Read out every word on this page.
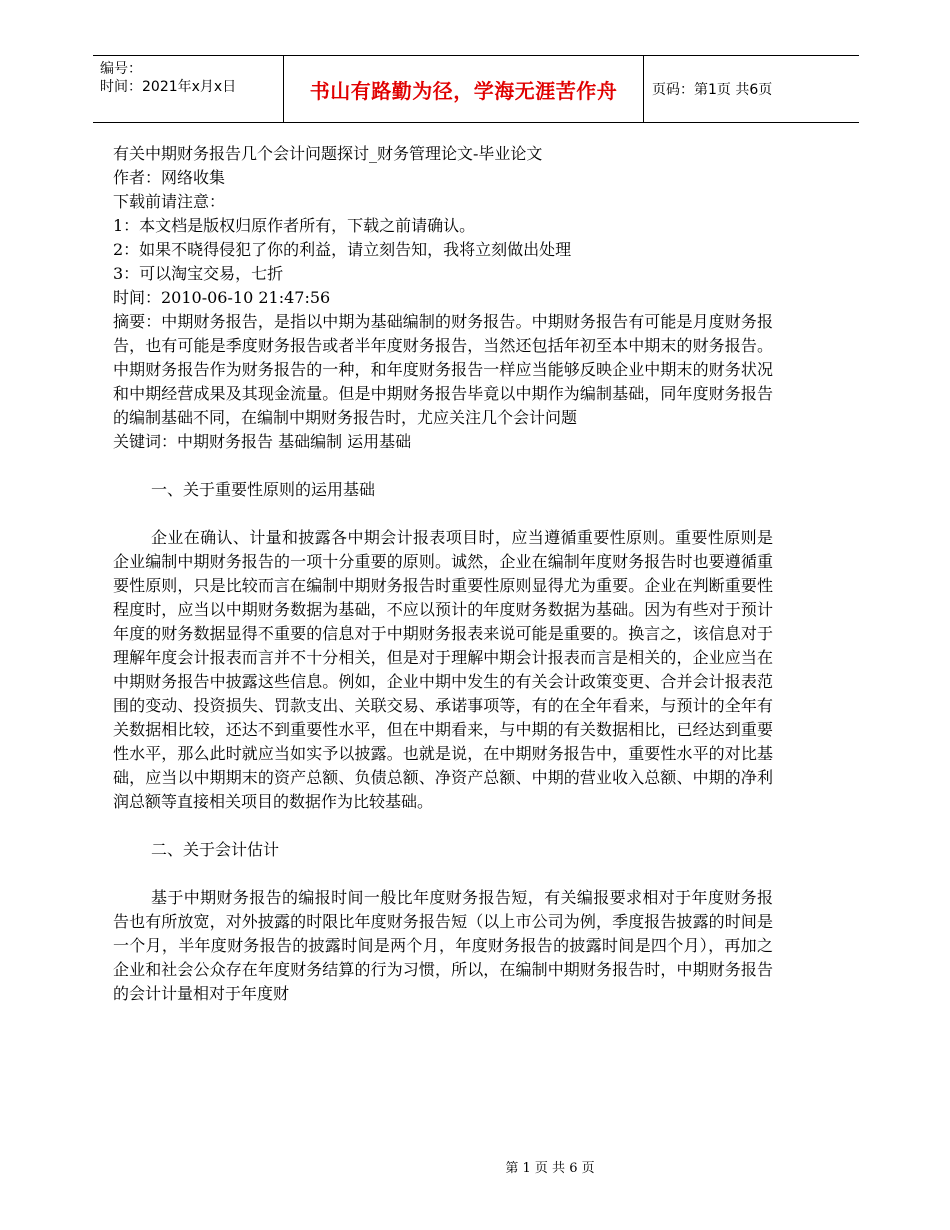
编号：
时间：2021年x月x日	书山有路勤为径，学海无涯苦作舟 页码：第1页 共6页

有关中期财务报告几个会计问题探讨_财务管理论文-毕业论文

作者：网络收集

下载前请注意：

1：本文档是版权归原作者所有，下载之前请确认。

2：如果不晓得侵犯了你的利益，请立刻告知，我将立刻做出处理

3：可以淘宝交易，七折

时间：2010-06-10 21:47:56

摘要：中期财务报告，是指以中期为基础编制的财务报告。中期财务报告有可能是月度财务报告，也有可能是季度财务报告或者半年度财务报告，当然还包括年初至本中期末的财务报告。中期财务报告作为财务报告的一种，和年度财务报告一样应当能够反映企业中期末的财务状况和中期经营成果及其现金流量。但是中期财务报告毕竟以中期作为编制基础，同年度财务报告的编制基础不同，在编制中期财务报告时，尤应关注几个会计问题

关键词：中期财务报告 基础编制 运用基础

一、关于重要性原则的运用基础

企业在确认、计量和披露各中期会计报表项目时，应当遵循重要性原则。重要性原则是企业编制中期财务报告的一项十分重要的原则。诚然，企业在编制年度财务报告时也要遵循重要性原则，只是比较而言在编制中期财务报告时重要性原则显得尤为重要。企业在判断重要性程度时，应当以中期财务数据为基础，不应以预计的年度财务数据为基础。因为有些对于预计年度的财务数据显得不重要的信息对于中期财务报表来说可能是重要的。换言之，该信息对于理解年度会计报表而言并不十分相关，但是对于理解中期会计报表而言是相关的，企业应当在中期财务报告中披露这些信息。例如，企业中期中发生的有关会计政策变更、合并会计报表范围的变动、投资损失、罚款支出、关联交易、承诺事项等，有的在全年看来，与预计的全年有关数据相比较，还达不到重要性水平，但在中期看来，与中期的有关数据相比，已经达到重要性水平，那么此时就应当如实予以披露。也就是说，在中期财务报告中，重要性水平的对比基础，应当以中期期末的资产总额、负债总额、净资产总额、中期的营业收入总额、中期的净利润总额等直接相关项目的数据作为比较基础。

二、关于会计估计

基于中期财务报告的编报时间一般比年度财务报告短，有关编报要求相对于年度财务报告也有所放宽，对外披露的时限比年度财务报告短（以上市公司为例，季度报告披露的时间是一个月，半年度财务报告的披露时间是两个月，年度财务报告的披露时间是四个月），再加之企业和社会公众存在年度财务结算的行为习惯，所以，在编制中期财务报告时，中期财务报告的会计计量相对于年度财

第 1 页 共 6 页
